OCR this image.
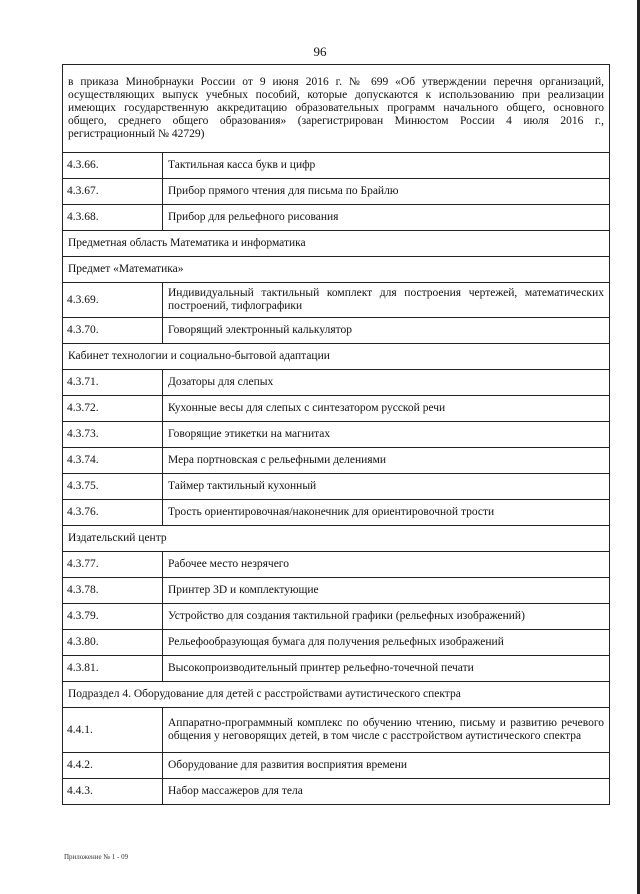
96
в приказа Минобрнауки России от 9 июня 2016 г. № 699 «Об утверждении перечня организаций, осуществляющих выпуск учебных пособий, которые допускаются к использованию при реализации имеющих государственную аккредитацию образовательных программ начального общего, основного общего, среднего общего образования» (зарегистрирован Минюстом России 4 июля 2016 г., регистрационный № 42729)	
4.3.66.	Тактильная касса букв и цифр
4.3.67.	Прибор прямого чтения для письма по Брайлю
4.3.68.	Прибор для рельефного рисования
Предметная область Математика и информатика	
Предмет «Математика»	
4.3.69.	Индивидуальный тактильный комплект для построения чертежей, математических построений, тифлографики
4.3.70.	Говорящий электронный калькулятор
Кабинет технологии и социально-бытовой адаптации	
4.3.71.	Дозаторы для слепых
4.3.72.	Кухонные весы для слепых с синтезатором русской речи
4.3.73.	Говорящие этикетки на магнитах
4.3.74.	Мера портновская с рельефными делениями
4.3.75.	Таймер тактильный кухонный
4.3.76.	Трость ориентировочная/наконечник для ориентировочной трости
Издательский центр	
4.3.77.	Рабочее место незрячего
4.3.78.	Принтер 3D и комплектующие
4.3.79.	Устройство для создания тактильной графики (рельефных изображений)
4.3.80.	Рельефообразующая бумага для получения рельефных изображений
4.3.81.	Высокопроизводительный принтер рельефно-точечной печати
Подраздел 4. Оборудование для детей с расстройствами аутистического спектра	
4.4.1.	Аппаратно-программный комплекс по обучению чтению, письму и развитию речевого общения у неговорящих детей, в том числе с расстройством аутистического спектра
4.4.2.	Оборудование для развития восприятия времени
4.4.3.	Набор массажеров для тела
Приложение № 1 - 09
